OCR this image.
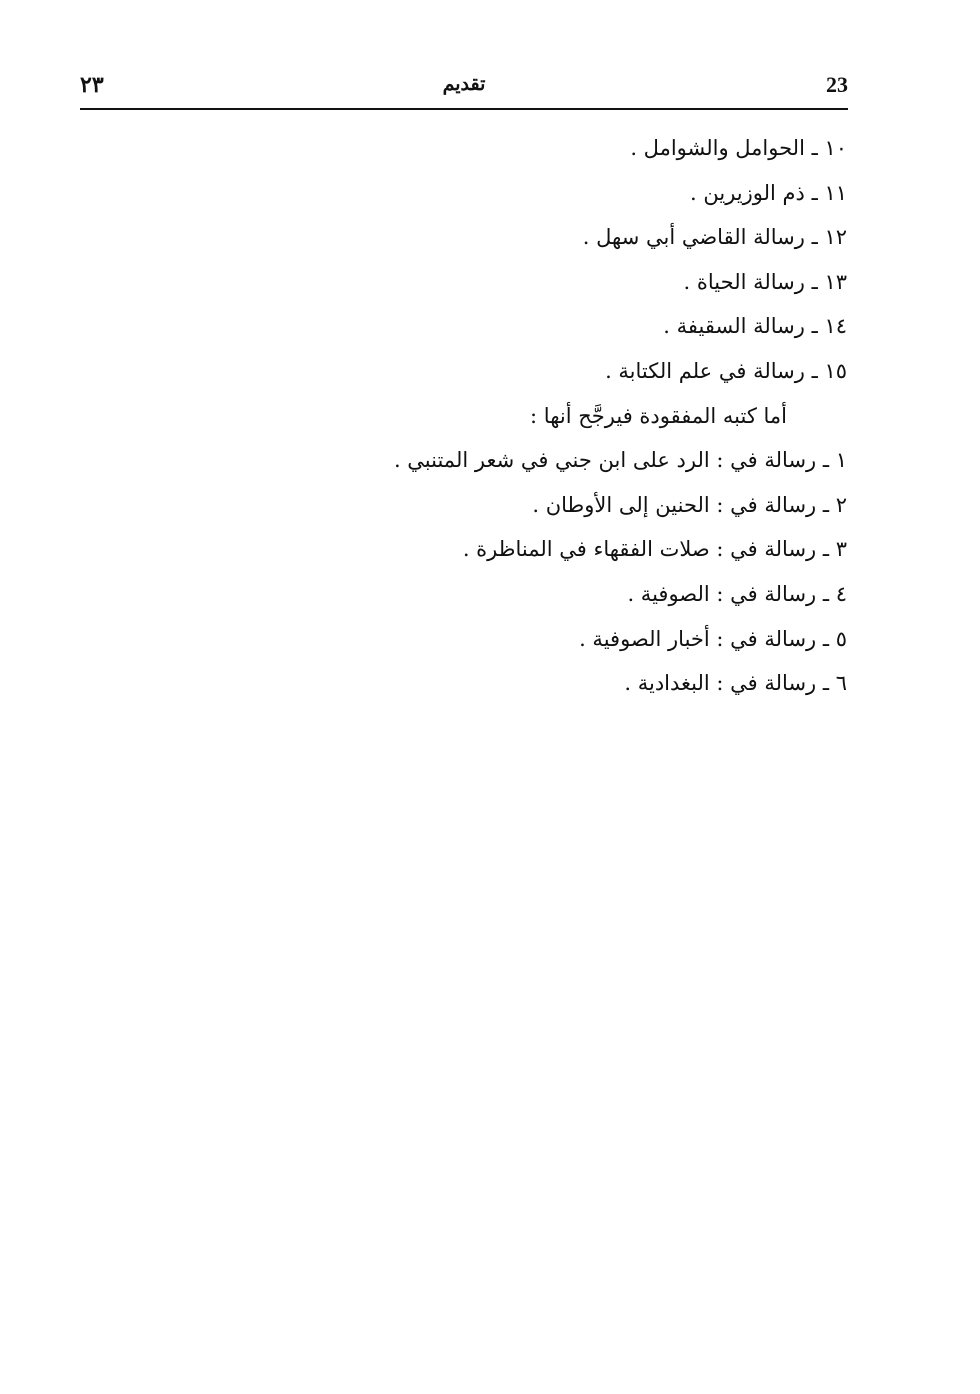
23
تقديم
٢٣
١٠ ـ الحوامل والشوامل .
١١ ـ ذم الوزيرين .
١٢ ـ رسالة القاضي أبي سهل .
١٣ ـ رسالة الحياة .
١٤ ـ رسالة السقيفة .
١٥ ـ رسالة في علم الكتابة .
أما كتبه المفقودة فيرجَّح أنها :
١ ـ رسالة في : الرد على ابن جني في شعر المتنبي .
٢ ـ رسالة في : الحنين إلى الأوطان .
٣ ـ رسالة في : صلات الفقهاء في المناظرة .
٤ ـ رسالة في : الصوفية .
٥ ـ رسالة في : أخبار الصوفية .
٦ ـ رسالة في : البغدادية .
